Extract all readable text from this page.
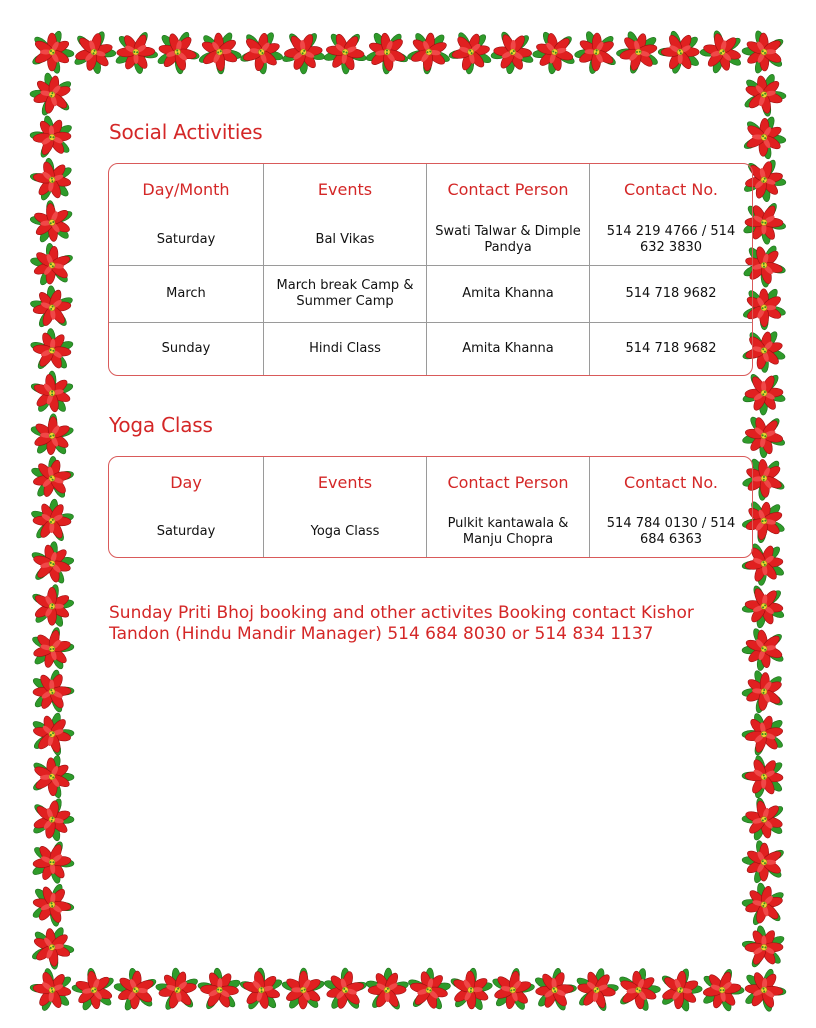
Social Activities
Day/Month	Events	Contact Person	Contact No.
Saturday	Bal Vikas	Swati Talwar & Dimple Pandya	514 219 4766 / 514 632 3830
March	March break Camp & Summer Camp	Amita Khanna	514 718 9682
Sunday	Hindi Class	Amita Khanna	514 718 9682
Yoga Class
Day	Events	Contact Person	Contact No.
Saturday	Yoga Class	Pulkit kantawala & Manju Chopra	514 784 0130 / 514 684 6363

Sunday Priti Bhoj booking and other activites Booking contact Kishor Tandon (Hindu Mandir Manager) 514 684 8030 or 514 834 1137
